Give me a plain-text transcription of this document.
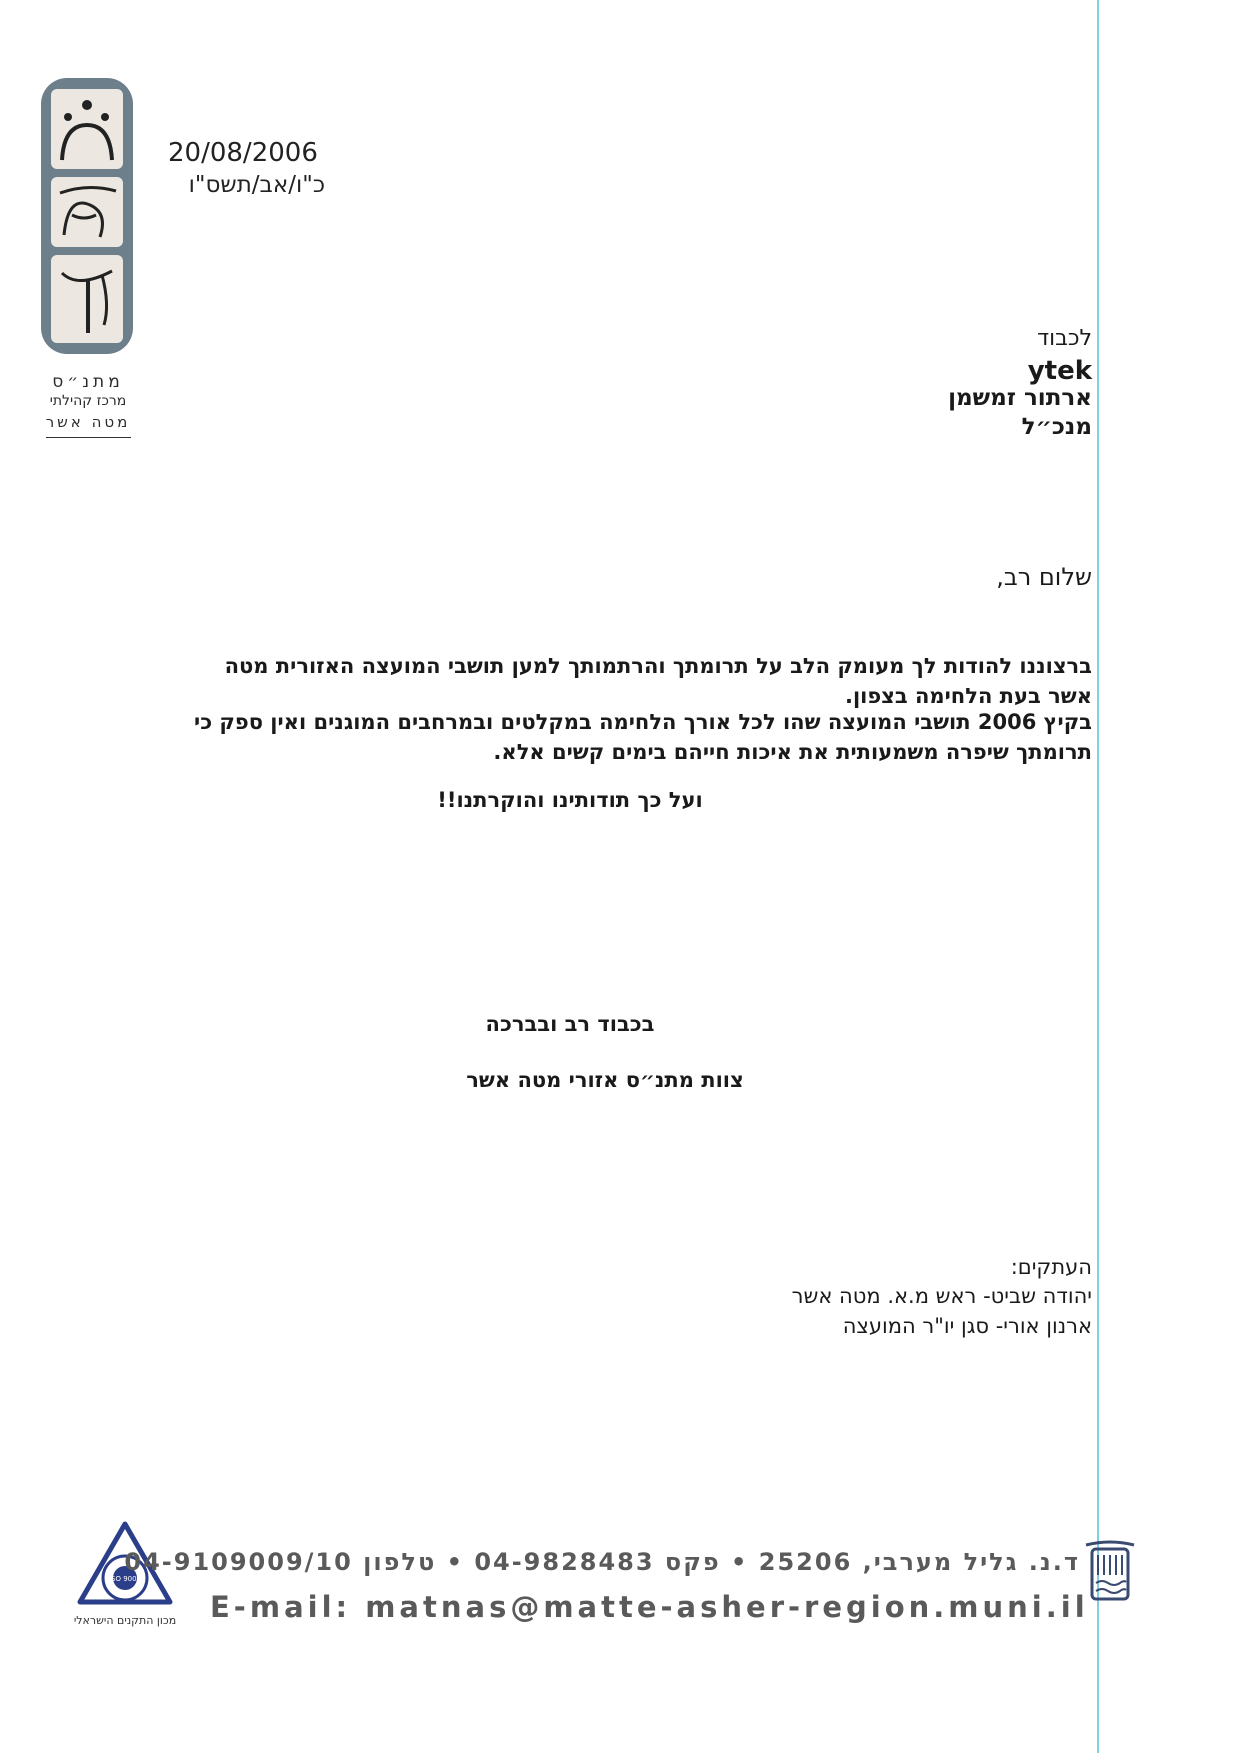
מתנ״ס
מרכז קהילתי
מטה אשר
20/08/2006
כ"ו/אב/תשס"ו
לכבוד
ytek
ארתור זמשמן
מנכ״ל
שלום רב,
ברצוננו להודות לך מעומק הלב על תרומתך והרתמותך למען תושבי המועצה האזורית מטה אשר בעת הלחימה בצפון.
בקיץ 2006 תושבי המועצה שהו לכל אורך הלחימה במקלטים ובמרחבים המוגנים ואין ספק כי תרומתך שיפרה משמעותית את איכות חייהם בימים קשים אלא.
ועל כך תודותינו והוקרתנו!!
בכבוד רב ובברכה
צוות מתנ״ס אזורי מטה אשר
העתקים:
יהודה שביט- ראש מ.א. מטה אשר
ארנון אורי- סגן יו"ר המועצה
ISO 9002
מכון התקנים הישראלי
ד.נ. גליל מערבי, 25206 • פקס 04-9828483 • טלפון 04-9109009/10
E-mail: matnas@matte-asher-region.muni.il
